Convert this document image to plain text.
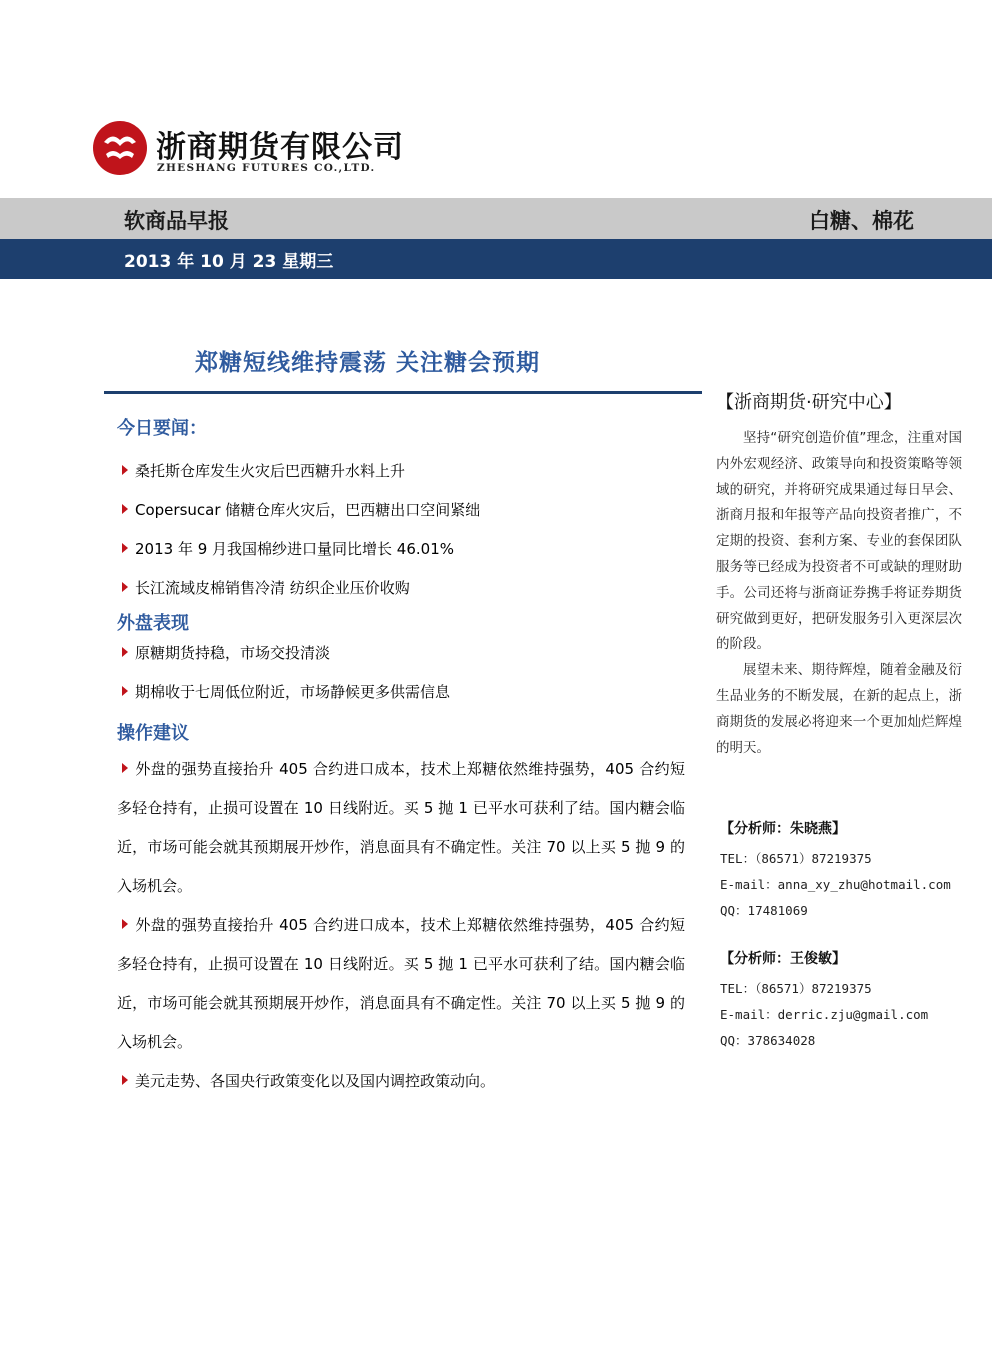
浙商期货有限公司
ZHESHANG FUTURES CO.,LTD.
软商品早报	白糖、棉花
2013 年 10 月 23 星期三
郑糖短线维持震荡 关注糖会预期
今日要闻：
桑托斯仓库发生火灾后巴西糖升水料上升
Copersucar 储糖仓库火灾后，巴西糖出口空间紧绌
2013 年 9 月我国棉纱进口量同比增长 46.01%
长江流域皮棉销售冷清 纺织企业压价收购
外盘表现
原糖期货持稳，市场交投清淡
期棉收于七周低位附近，市场静候更多供需信息
操作建议

外盘的强势直接抬升 405 合约进口成本，技术上郑糖依然维持强势，405 合约短多轻仓持有，止损可设置在 10 日线附近。买 5 抛 1 已平水可获利了结。国内糖会临近，市场可能会就其预期展开炒作，消息面具有不确定性。关注 70 以上买 5 抛 9 的入场机会。

外盘的强势直接抬升 405 合约进口成本，技术上郑糖依然维持强势，405 合约短多轻仓持有，止损可设置在 10 日线附近。买 5 抛 1 已平水可获利了结。国内糖会临近，市场可能会就其预期展开炒作，消息面具有不确定性。关注 70 以上买 5 抛 9 的入场机会。

美元走势、各国央行政策变化以及国内调控政策动向。

【浙商期货·研究中心】

坚持“研究创造价值”理念，注重对国内外宏观经济、政策导向和投资策略等领域的研究，并将研究成果通过每日早会、浙商月报和年报等产品向投资者推广，不定期的投资、套利方案、专业的套保团队服务等已经成为投资者不可或缺的理财助手。公司还将与浙商证券携手将证券期货研究做到更好，把研发服务引入更深层次的阶段。

展望未来、期待辉煌，随着金融及衍生品业务的不断发展，在新的起点上，浙商期货的发展必将迎来一个更加灿烂辉煌的明天。

【分析师：朱晓燕】
TEL：（86571）87219375
E-mail：anna_xy_zhu@hotmail.com
QQ：17481069
【分析师：王俊敏】
TEL：（86571）87219375
E-mail：derric.zju@gmail.com
QQ：378634028
